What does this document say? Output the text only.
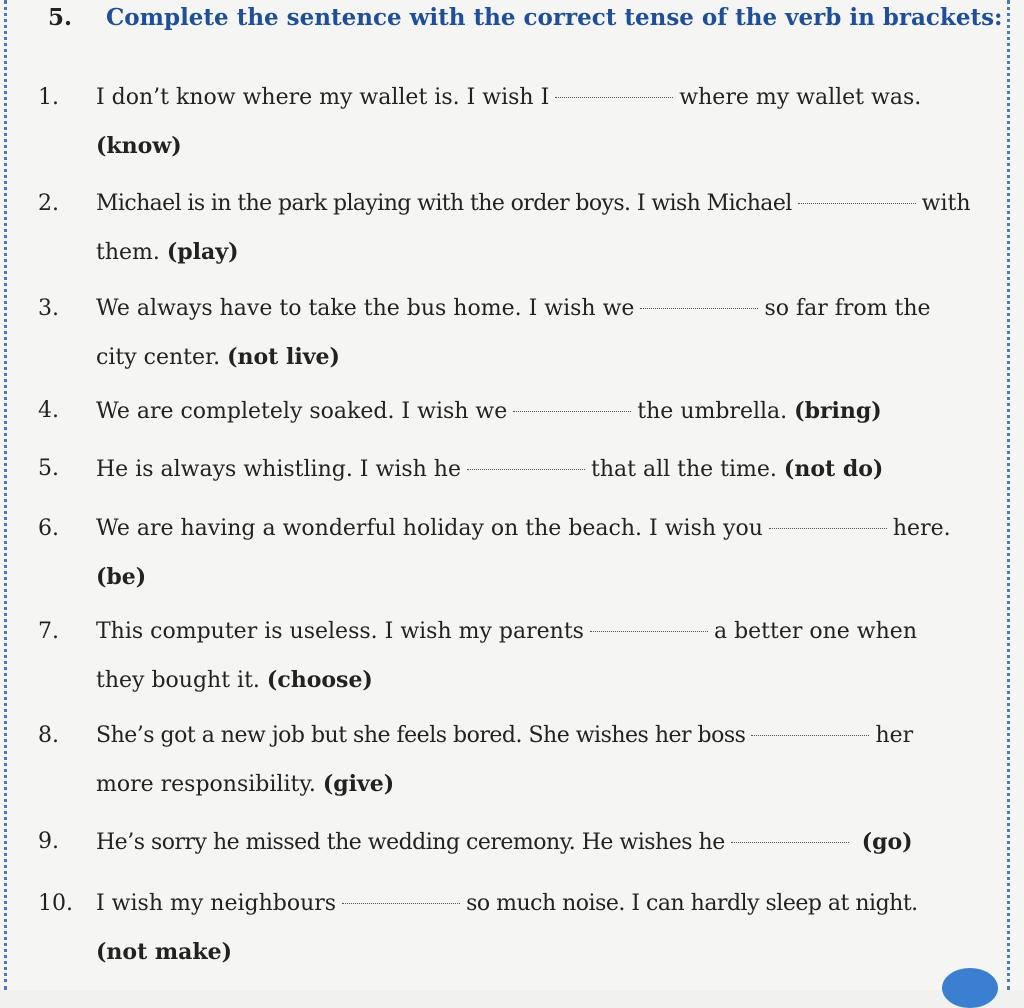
5. Complete the sentence with the correct tense of the verb in brackets:
1.	I don’t know where my wallet is. I wish I	where my wallet was. (know)
2.	Michael is in the park playing with the order boys. I wish Michael	with them. (play)
3.	We always have to take the bus home. I wish we	so far from the city center. (not live)
4.	We are completely soaked. I wish we	the umbrella. (bring)
5.	He is always whistling. I wish he	that all the time. (not do)
6.	We are having a wonderful holiday on the beach. I wish you	here. (be)
7.	This computer is useless. I wish my parents	a better one when they bought it. (choose)
8.	She’s got a new job but she feels bored. She wishes her boss	her more responsibility. (give)
9.	He’s sorry he missed the wedding ceremony. He wishes he	(go)
10.	I wish my neighbours	so much noise. I can hardly sleep at night. (not make)
